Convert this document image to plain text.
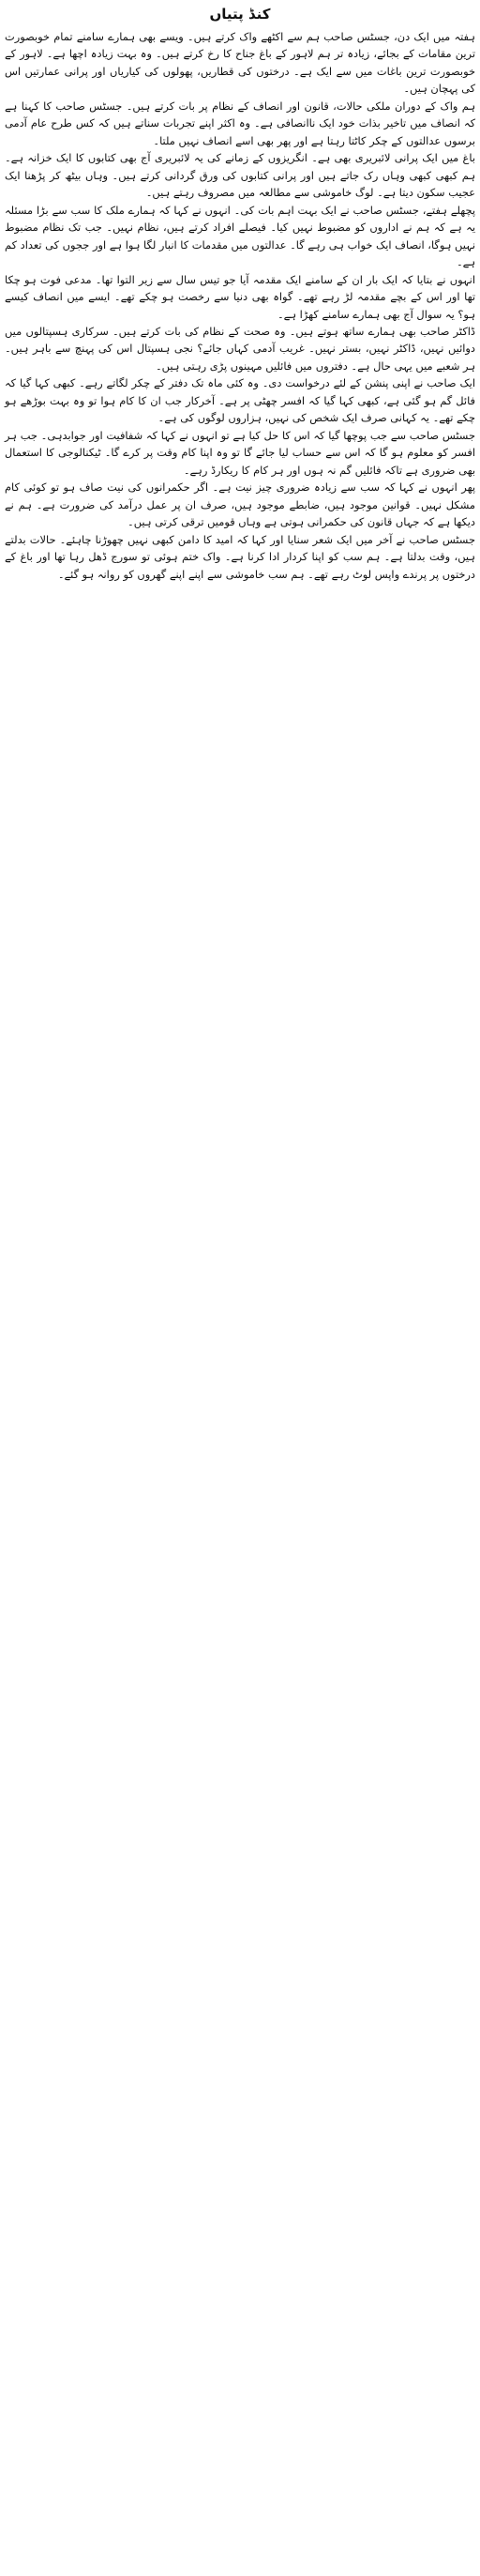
کنڈ پتیاں

ہفتہ میں ایک دن، جسٹس صاحب ہم سے اکٹھے واک کرتے ہیں۔ ویسے بھی ہمارے سامنے تمام خوبصورت ترین مقامات کے بجائے، زیادہ تر ہم لاہور کے باغ جناح کا رخ کرتے ہیں۔ وہ بہت زیادہ اچھا ہے۔ لاہور کے خوبصورت ترین باغات میں سے ایک ہے۔ درختوں کی قطاریں، پھولوں کی کیاریاں اور پرانی عمارتیں اس کی پہچان ہیں۔

ہم واک کے دوران ملکی حالات، قانون اور انصاف کے نظام پر بات کرتے ہیں۔ جسٹس صاحب کا کہنا ہے کہ انصاف میں تاخیر بذات خود ایک ناانصافی ہے۔ وہ اکثر اپنے تجربات سناتے ہیں کہ کس طرح عام آدمی برسوں عدالتوں کے چکر کاٹتا رہتا ہے اور پھر بھی اسے انصاف نہیں ملتا۔

باغ میں ایک پرانی لائبریری بھی ہے۔ انگریزوں کے زمانے کی یہ لائبریری آج بھی کتابوں کا ایک خزانہ ہے۔ ہم کبھی کبھی وہاں رک جاتے ہیں اور پرانی کتابوں کی ورق گردانی کرتے ہیں۔ وہاں بیٹھ کر پڑھنا ایک عجیب سکون دیتا ہے۔ لوگ خاموشی سے مطالعہ میں مصروف رہتے ہیں۔

پچھلے ہفتے، جسٹس صاحب نے ایک بہت اہم بات کی۔ انہوں نے کہا کہ ہمارے ملک کا سب سے بڑا مسئلہ یہ ہے کہ ہم نے اداروں کو مضبوط نہیں کیا۔ فیصلے افراد کرتے ہیں، نظام نہیں۔ جب تک نظام مضبوط نہیں ہوگا، انصاف ایک خواب ہی رہے گا۔ عدالتوں میں مقدمات کا انبار لگا ہوا ہے اور ججوں کی تعداد کم ہے۔

انہوں نے بتایا کہ ایک بار ان کے سامنے ایک مقدمہ آیا جو تیس سال سے زیر التوا تھا۔ مدعی فوت ہو چکا تھا اور اس کے بچے مقدمہ لڑ رہے تھے۔ گواہ بھی دنیا سے رخصت ہو چکے تھے۔ ایسے میں انصاف کیسے ہو؟ یہ سوال آج بھی ہمارے سامنے کھڑا ہے۔

ڈاکٹر صاحب بھی ہمارے ساتھ ہوتے ہیں۔ وہ صحت کے نظام کی بات کرتے ہیں۔ سرکاری ہسپتالوں میں دوائیں نہیں، ڈاکٹر نہیں، بستر نہیں۔ غریب آدمی کہاں جائے؟ نجی ہسپتال اس کی پہنچ سے باہر ہیں۔ ہر شعبے میں یہی حال ہے۔ دفتروں میں فائلیں مہینوں پڑی رہتی ہیں۔

ایک صاحب نے اپنی پنشن کے لئے درخواست دی۔ وہ کئی ماہ تک دفتر کے چکر لگاتے رہے۔ کبھی کہا گیا کہ فائل گم ہو گئی ہے، کبھی کہا گیا کہ افسر چھٹی پر ہے۔ آخرکار جب ان کا کام ہوا تو وہ بہت بوڑھے ہو چکے تھے۔ یہ کہانی صرف ایک شخص کی نہیں، ہزاروں لوگوں کی ہے۔

جسٹس صاحب سے جب پوچھا گیا کہ اس کا حل کیا ہے تو انہوں نے کہا کہ شفافیت اور جوابدہی۔ جب ہر افسر کو معلوم ہو گا کہ اس سے حساب لیا جائے گا تو وہ اپنا کام وقت پر کرے گا۔ ٹیکنالوجی کا استعمال بھی ضروری ہے تاکہ فائلیں گم نہ ہوں اور ہر کام کا ریکارڈ رہے۔

پھر انہوں نے کہا کہ سب سے زیادہ ضروری چیز نیت ہے۔ اگر حکمرانوں کی نیت صاف ہو تو کوئی کام مشکل نہیں۔ قوانین موجود ہیں، ضابطے موجود ہیں، صرف ان پر عمل درآمد کی ضرورت ہے۔ ہم نے دیکھا ہے کہ جہاں قانون کی حکمرانی ہوتی ہے وہاں قومیں ترقی کرتی ہیں۔

جسٹس صاحب نے آخر میں ایک شعر سنایا اور کہا کہ امید کا دامن کبھی نہیں چھوڑنا چاہئے۔ حالات بدلتے ہیں، وقت بدلتا ہے۔ ہم سب کو اپنا کردار ادا کرنا ہے۔ واک ختم ہوئی تو سورج ڈھل رہا تھا اور باغ کے درختوں پر پرندے واپس لوٹ رہے تھے۔ ہم سب خاموشی سے اپنے اپنے گھروں کو روانہ ہو گئے۔
